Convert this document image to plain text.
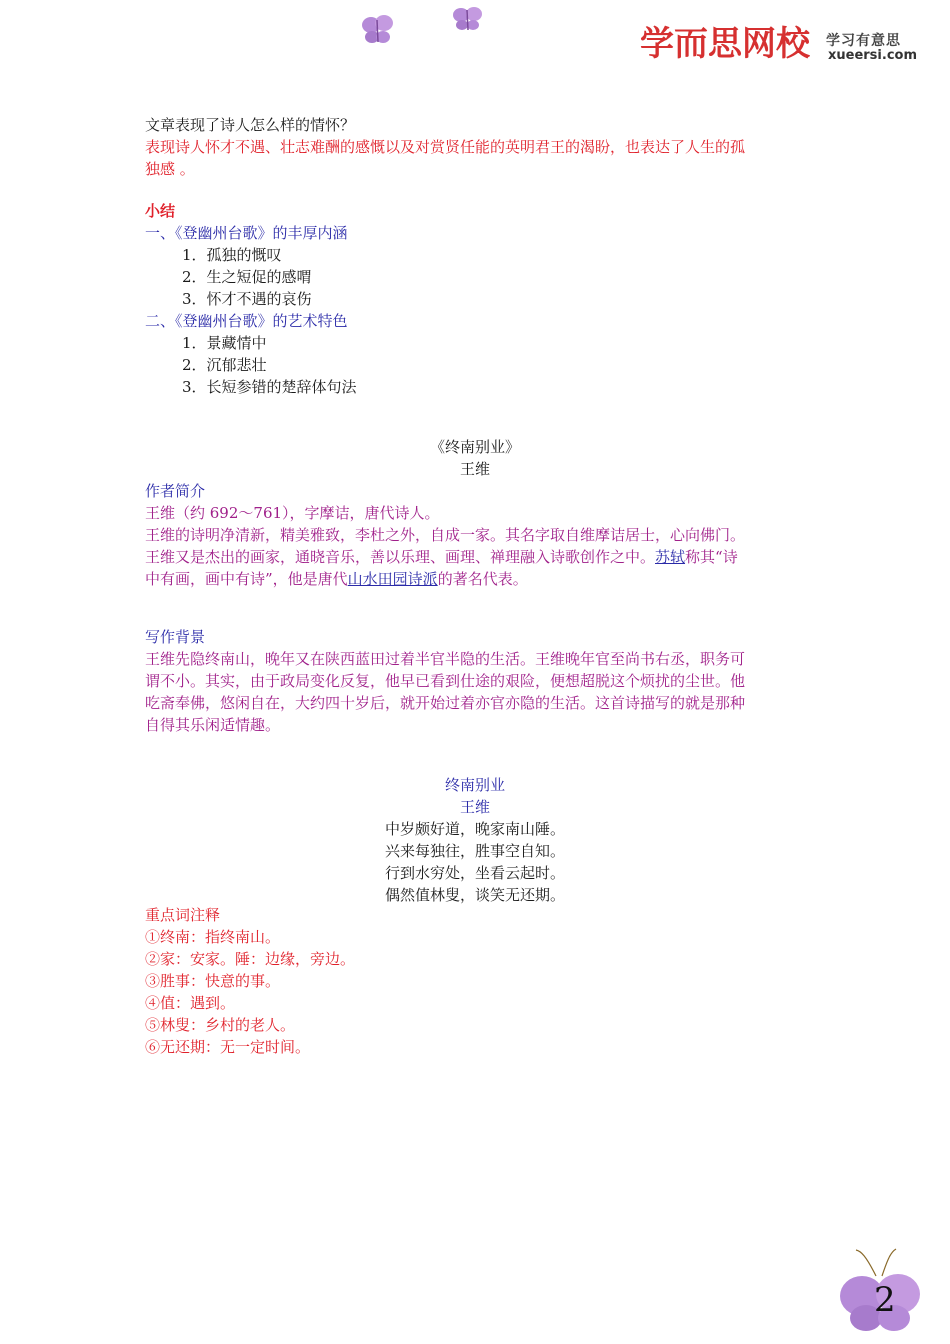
学而思网校 学习有意思
xueersi.com
文章表现了诗人怎么样的情怀？
表现诗人怀才不遇、壮志难酬的感慨以及对赏贤任能的英明君王的渴盼，也表达了人生的孤
独感 。
小结
一、《登幽州台歌》的丰厚内涵
1．孤独的慨叹
2．生之短促的感喟
3．怀才不遇的哀伤
二、《登幽州台歌》的艺术特色
1．景藏情中
2．沉郁悲壮
3．长短参错的楚辞体句法
《终南别业》
王维
作者简介
王维（约 692～761），字摩诘，唐代诗人。
王维的诗明净清新，精美雅致，李杜之外，自成一家。其名字取自维摩诘居士，心向佛门。
王维又是杰出的画家，通晓音乐，善以乐理、画理、禅理融入诗歌创作之中。苏轼称其“诗
中有画，画中有诗”，他是唐代山水田园诗派的著名代表。
写作背景
王维先隐终南山，晚年又在陕西蓝田过着半官半隐的生活。王维晚年官至尚书右丞，职务可
谓不小。其实，由于政局变化反复，他早已看到仕途的艰险，便想超脱这个烦扰的尘世。他
吃斋奉佛，悠闲自在，大约四十岁后，就开始过着亦官亦隐的生活。这首诗描写的就是那种
自得其乐闲适情趣。
终南别业
王维
中岁颇好道，晚家南山陲。
兴来每独往，胜事空自知。
行到水穷处，坐看云起时。
偶然值林叟，谈笑无还期。
重点词注释
①终南：指终南山。
②家：安家。陲：边缘，旁边。
③胜事：快意的事。
④值：遇到。
⑤林叟：乡村的老人。
⑥无还期：无一定时间。
2
